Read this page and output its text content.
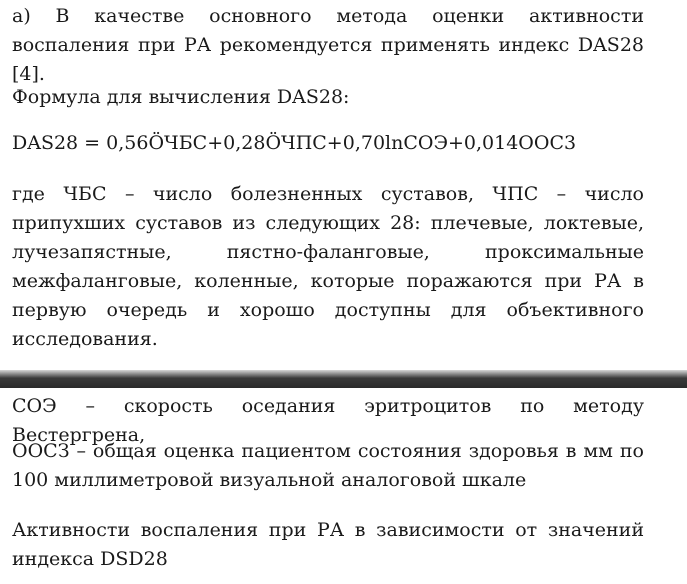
а) В качестве основного метода оценки активности воспаления при РА рекомендуется применять индекс DAS28 [4].

Формула для вычисления DAS28:

DAS28 = 0,56ÖЧБС+0,28ÖЧПС+0,70lnСОЭ+0,014OOC3

где ЧБС – число болезненных суставов, ЧПС – число припухших суставов из следующих 28: плечевые, локтевые, лучезапястные, пястно-фаланговые, проксимальные межфаланговые, коленные, которые поражаются при РА в первую очередь и хорошо доступны для объективного исследования.

СОЭ – скорость оседания эритроцитов по методу Вестергрена,

ООСЗ – общая оценка пациентом состояния здоровья в мм по 100 миллиметровой визуальной аналоговой шкале

Активности воспаления при РА в зависимости от значений индекса DSD28
